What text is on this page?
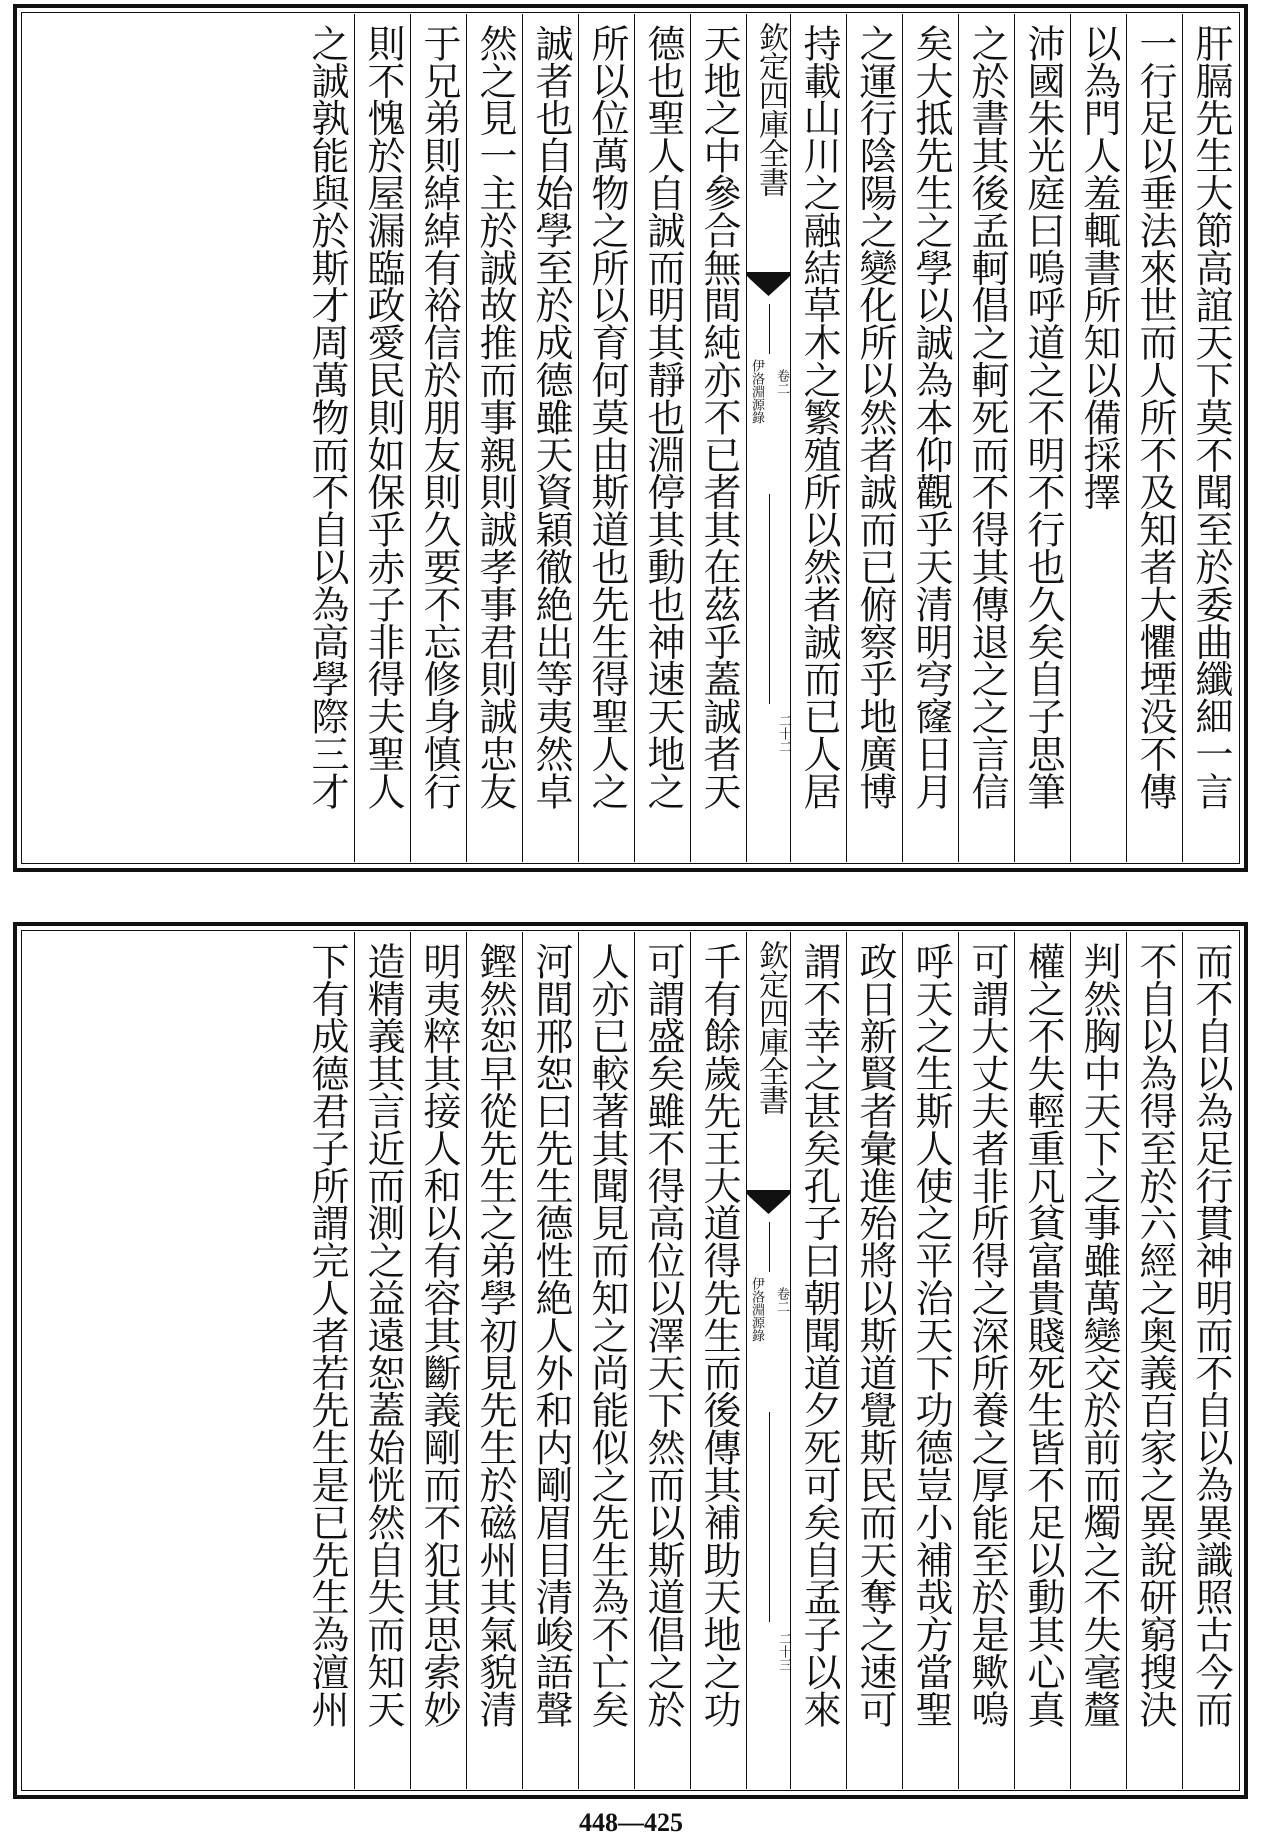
肝膈先生大節高誼天下莫不聞至於委曲纖細一言
一行足以垂法來世而人所不及知者大懼堙没不傳
以為門人羞輒書所知以備採擇
沛國朱光庭曰嗚呼道之不明不行也久矣自子思筆
之於書其後孟軻倡之軻死而不得其傳退之之言信
矣大抵先生之學以誠為本仰觀乎天清明穹窿日月
之運行陰陽之變化所以然者誠而已俯察乎地廣博
持載山川之融結草木之繁殖所以然者誠而已人居
欽定四庫全書
伊洛淵源錄 卷二
二十二
天地之中參合無間純亦不已者其在茲乎蓋誠者天
德也聖人自誠而明其靜也淵停其動也神速天地之
所以位萬物之所以育何莫由斯道也先生得聖人之
誠者也自始學至於成德雖天資穎徹絶出等夷然卓
然之見一主於誠故推而事親則誠孝事君則誠忠友
于兄弟則綽綽有裕信於朋友則久要不忘修身慎行
則不愧於屋漏臨政愛民則如保乎赤子非得夫聖人
之誠孰能與於斯才周萬物而不自以為高學際三才
而不自以為足行貫神明而不自以為異識照古今而
不自以為得至於六經之奥義百家之異說研窮搜決
判然胸中天下之事雖萬變交於前而燭之不失毫釐
權之不失輕重凡貧富貴賤死生皆不足以動其心真
可謂大丈夫者非所得之深所養之厚能至於是歟嗚
呼天之生斯人使之平治天下功德豈小補哉方當聖
政日新賢者彙進殆將以斯道覺斯民而天奪之速可
謂不幸之甚矣孔子曰朝聞道夕死可矣自孟子以來
欽定四庫全書
伊洛淵源錄 卷二
二十三
千有餘歲先王大道得先生而後傳其補助天地之功
可謂盛矣雖不得高位以澤天下然而以斯道倡之於
人亦已較著其聞見而知之尚能似之先生為不亡矣
河間邢恕曰先生德性絶人外和内剛眉目清峻語聲
鏗然恕早從先生之弟學初見先生於磁州其氣貌清
明夷粹其接人和以有容其斷義剛而不犯其思索妙
造精義其言近而測之益遠恕蓋始恍然自失而知天
下有成德君子所謂完人者若先生是已先生為澶州
448—425
